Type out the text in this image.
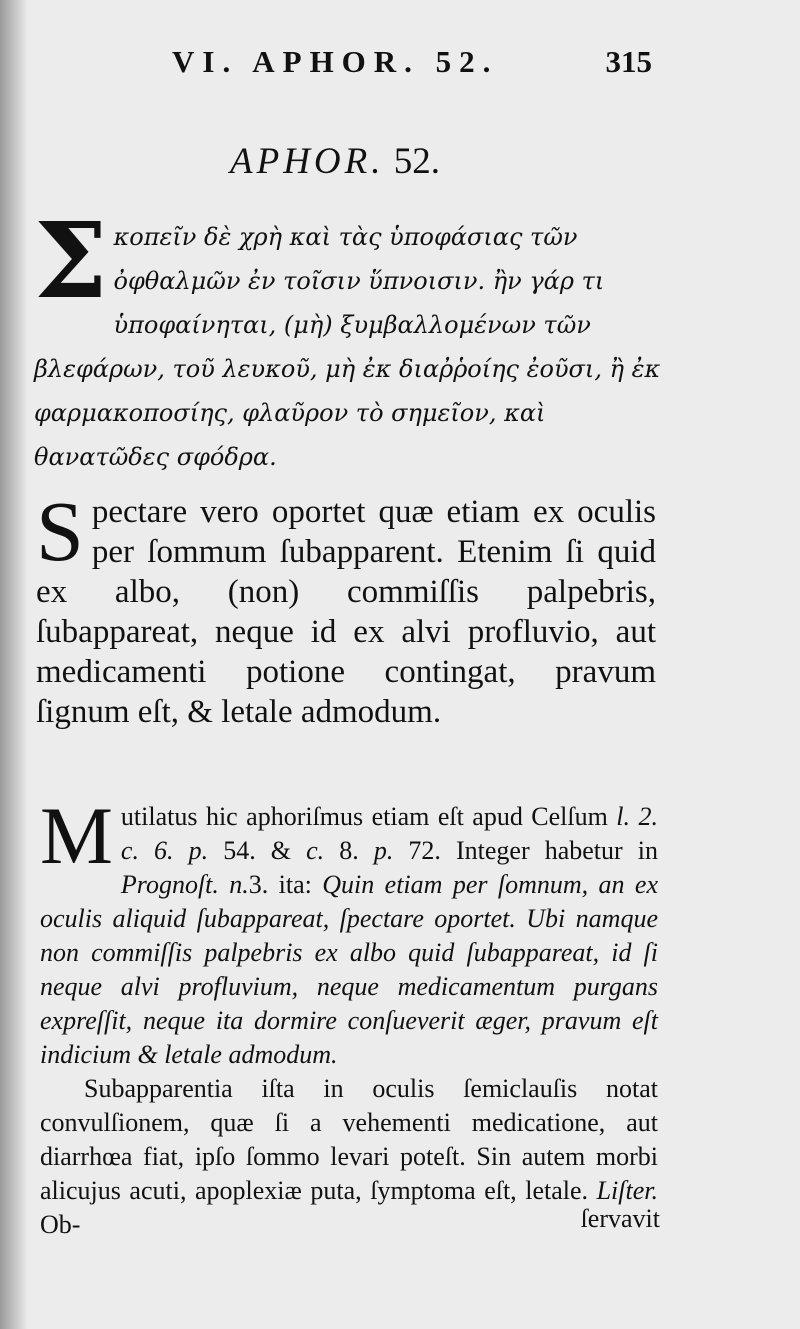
VI. APHOR. 52.	315
APHOR. 52.
Σ κοπεῖν δὲ χρὴ καὶ τὰς ὑποφάσιας τῶν ὀφθαλμῶν ἐν τοῖσιν ὕπνοισιν. ἢν γάρ τι ὑποφαίνηται, (μὴ) ξυμβαλλομένων τῶν βλεφάρων, τοῦ λευκοῦ, μὴ ἐκ διαῤῥοίης ἐοῦσι, ἢ ἐκ φαρμακοποσίης, φλαῦρον τὸ σημεῖον, καὶ θανατῶδες σφόδρα.
S pectare vero oportet quæ etiam ex oculis per ſommum ſubapparent. Etenim ſi quid ex albo, (non) commiſſis palpebris, ſubappareat, neque id ex alvi profluvio, aut medicamenti potione contingat, pravum ſignum eſt, & letale admodum.

M utilatus hic aphoriſmus etiam eſt apud Celſum l. 2. c. 6. p. 54. & c. 8. p. 72. Integer habetur in Prognoſt. n.3. ita: Quin etiam per ſomnum, an ex oculis aliquid ſubappareat, ſpectare oportet. Ubi namque non commiſſis palpebris ex albo quid ſubappareat, id ſi neque alvi profluvium, neque medicamentum purgans expreſſit, neque ita dormire conſueverit æger, pravum eſt indicium & letale admodum.

Subapparentia iſta in oculis ſemiclauſis notat convulſionem, quæ ſi a vehementi medicatione, aut diarrhœa fiat, ipſo ſommo levari poteſt. Sin autem morbi alicujus acuti, apoplexiæ puta, ſymptoma eſt, letale. Liſter. Ob-	ſervavit
